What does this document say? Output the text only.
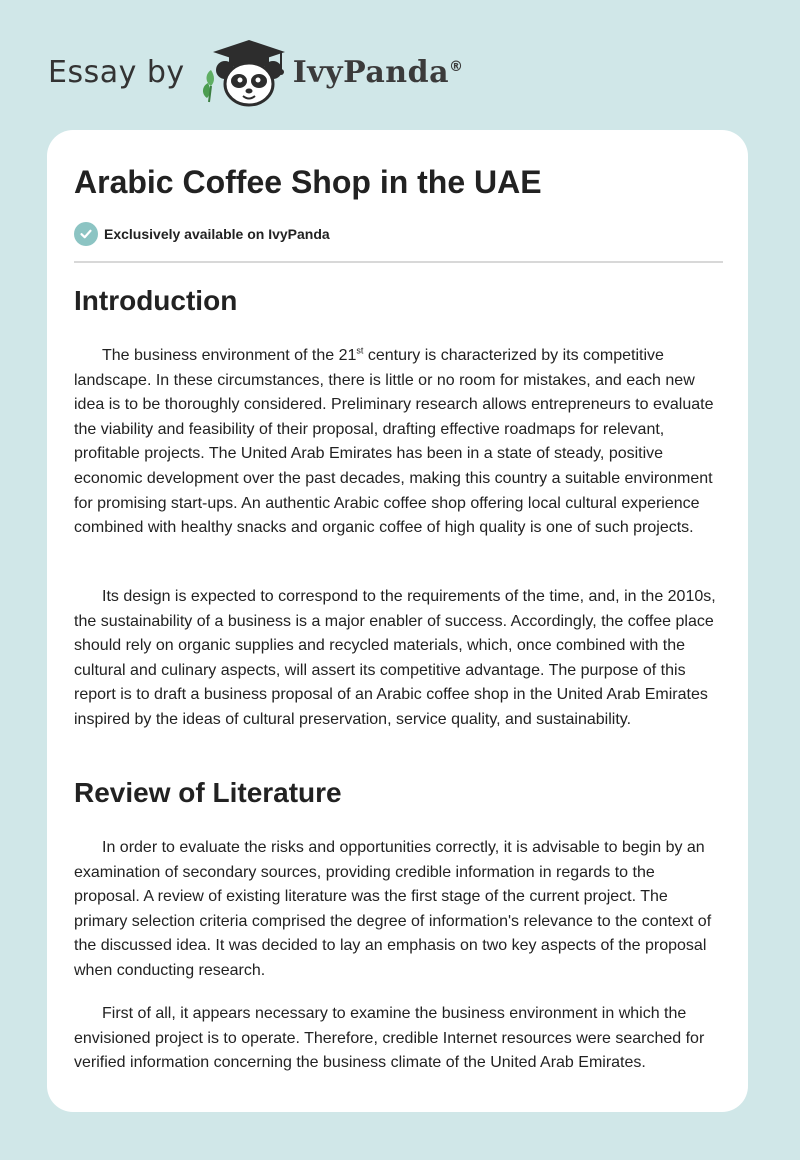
Essay by	IvyPanda®
Arabic Coffee Shop in the UAE
Exclusively available on IvyPanda
Introduction

The business environment of the 21st century is characterized by its competitive landscape. In these circumstances, there is little or no room for mistakes, and each new idea is to be thoroughly considered. Preliminary research allows entrepreneurs to evaluate the viability and feasibility of their proposal, drafting effective roadmaps for relevant, profitable projects. The United Arab Emirates has been in a state of steady, positive economic development over the past decades, making this country a suitable environment for promising start-ups. An authentic Arabic coffee shop offering local cultural experience combined with healthy snacks and organic coffee of high quality is one of such projects.

Its design is expected to correspond to the requirements of the time, and, in the 2010s, the sustainability of a business is a major enabler of success. Accordingly, the coffee place should rely on organic supplies and recycled materials, which, once combined with the cultural and culinary aspects, will assert its competitive advantage. The purpose of this report is to draft a business proposal of an Arabic coffee shop in the United Arab Emirates inspired by the ideas of cultural preservation, service quality, and sustainability.

Review of Literature

In order to evaluate the risks and opportunities correctly, it is advisable to begin by an examination of secondary sources, providing credible information in regards to the proposal. A review of existing literature was the first stage of the current project. The primary selection criteria comprised the degree of information's relevance to the context of the discussed idea. It was decided to lay an emphasis on two key aspects of the proposal when conducting research.

First of all, it appears necessary to examine the business environment in which the envisioned project is to operate. Therefore, credible Internet resources were searched for verified information concerning the business climate of the United Arab Emirates.
